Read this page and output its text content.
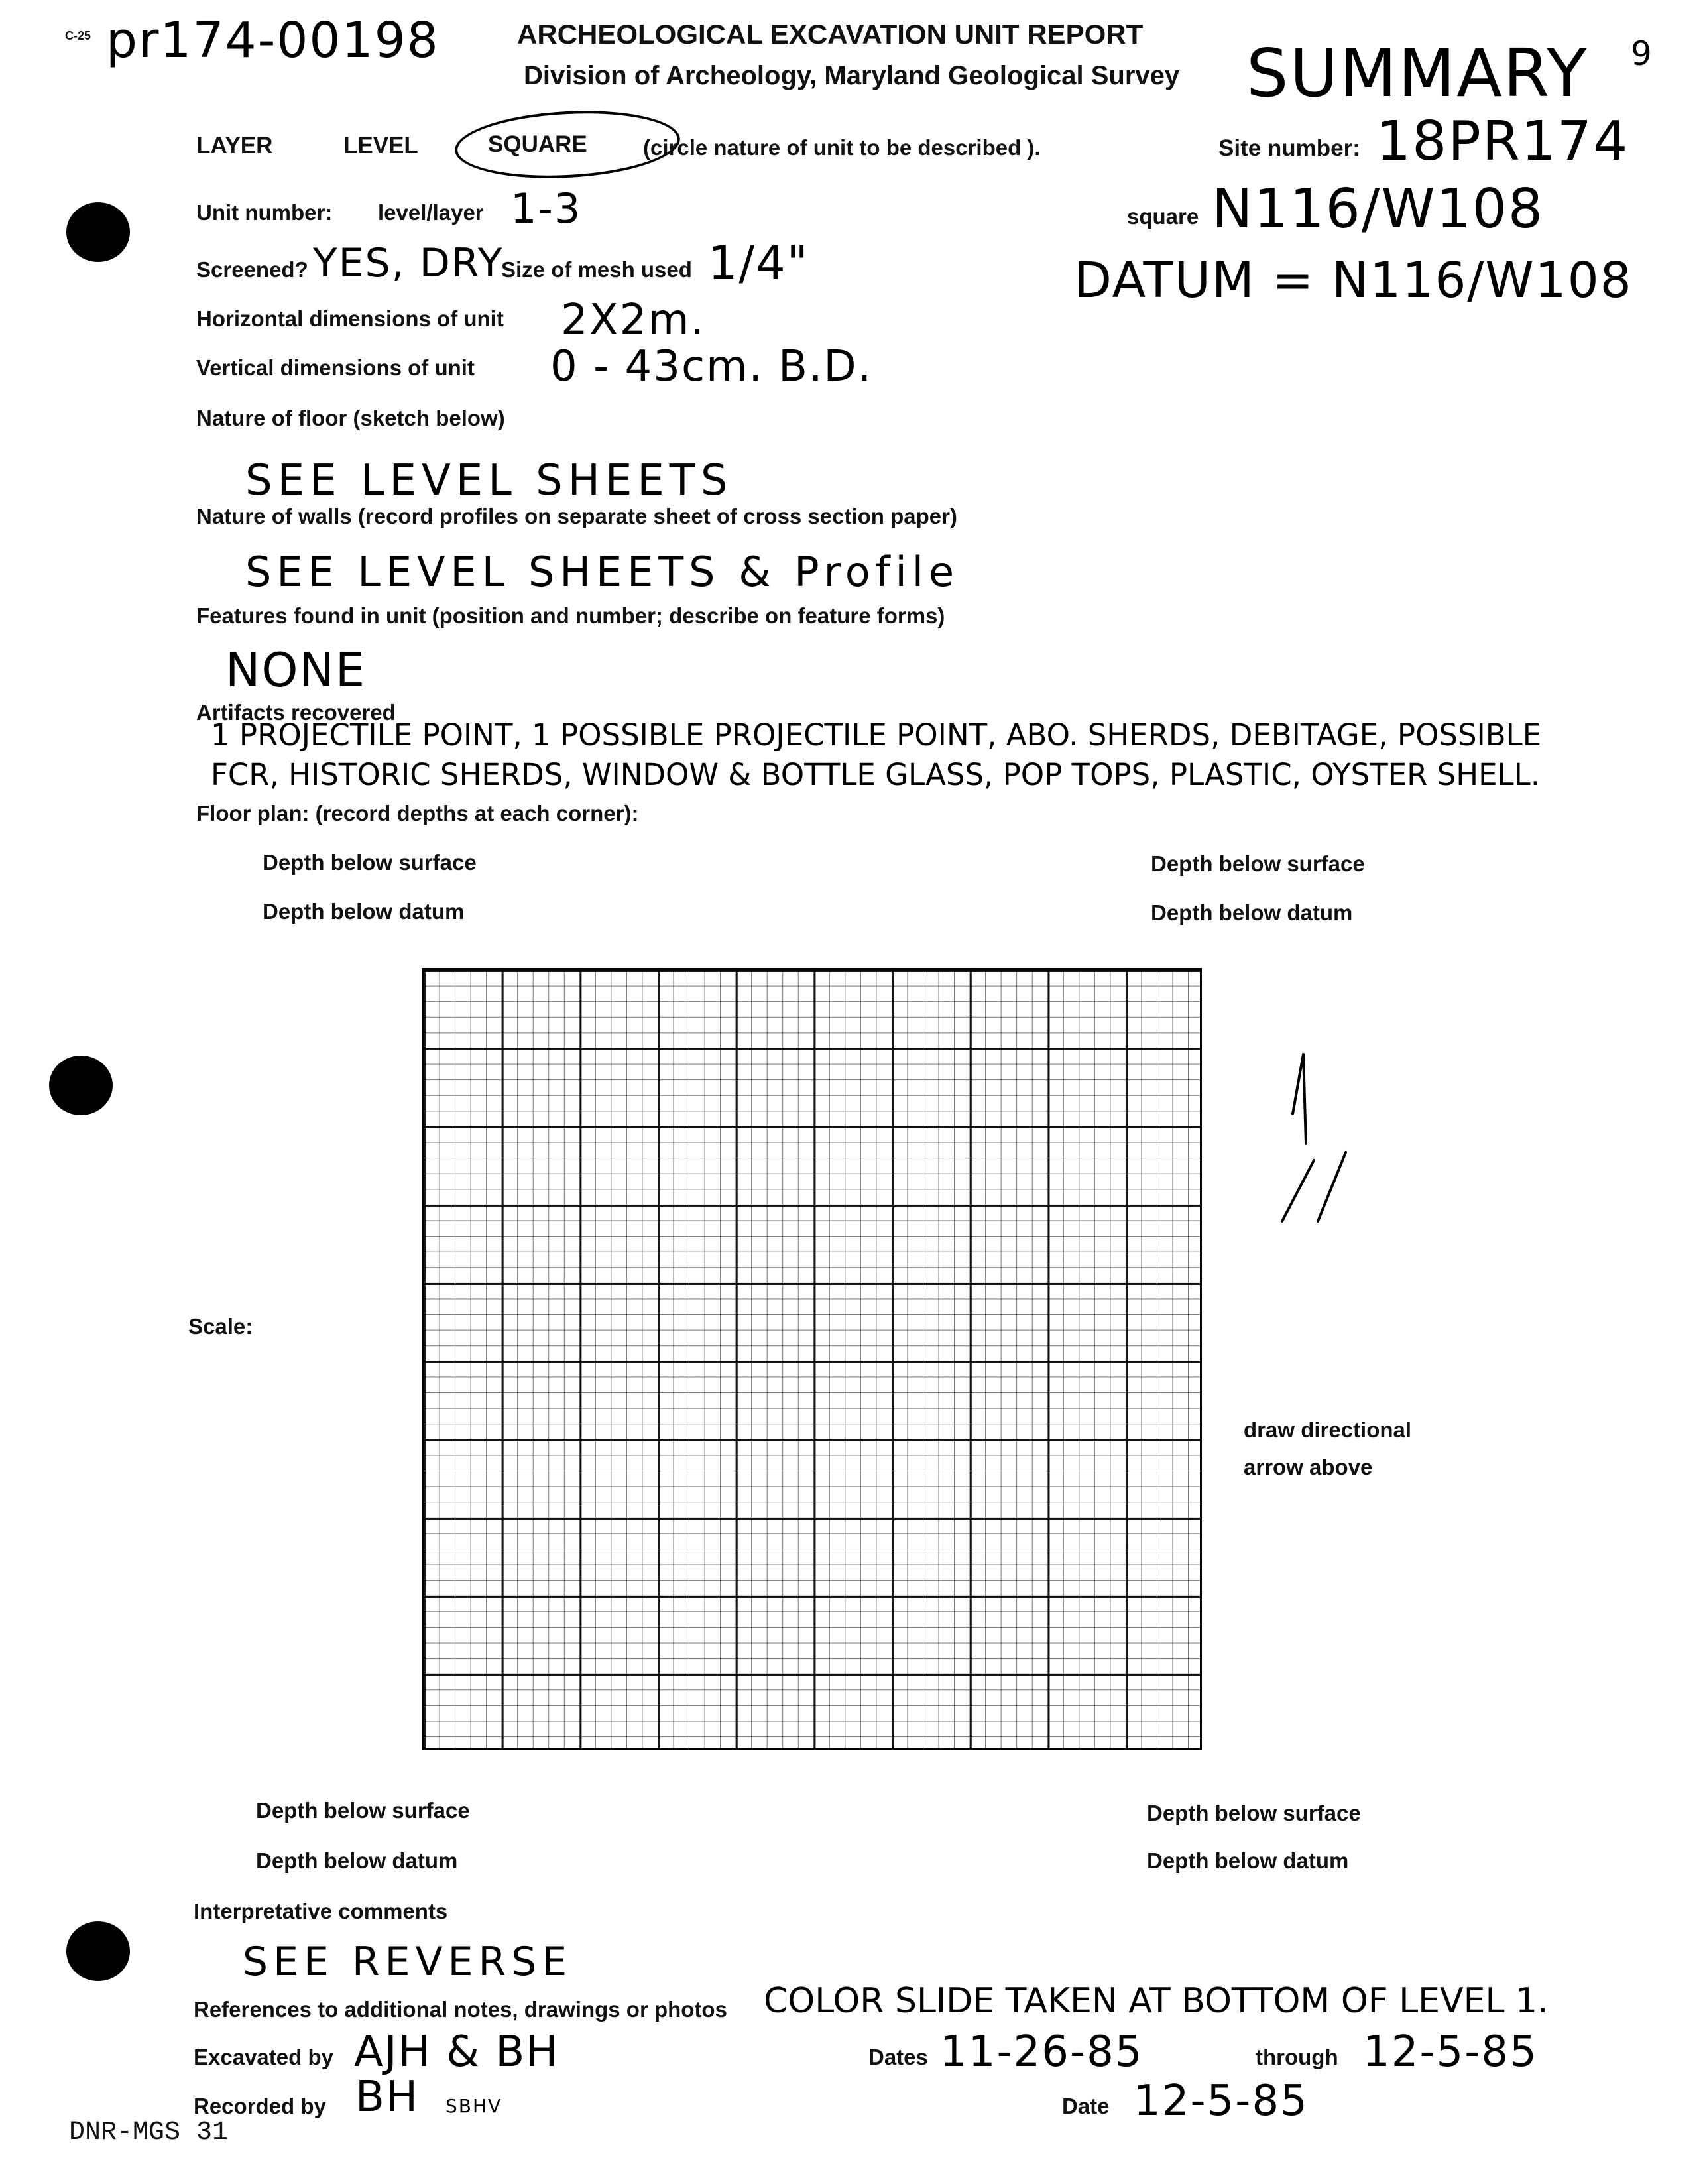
C-25 pr174-00198	ARCHEOLOGICAL EXCAVATION UNIT REPORT
Division of Archeology, Maryland Geological Survey SUMMARY 9
LAYER	LEVEL	SQUARE	(circle nature of unit to be described ).	Site number: 18PR174
square N116/W108
DATUM = N116/W108
Unit number: level/layer 1-3
Screened? YES, DRY
Size of mesh used 1/4"
Horizontal dimensions of unit 2X2m.
Vertical dimensions of unit 0 - 43cm. B.D.
Nature of floor (sketch below)
SEE LEVEL SHEETS
Nature of walls (record profiles on separate sheet of cross section paper)
SEE LEVEL SHEETS & Profile
Features found in unit (position and number; describe on feature forms)
NONE
Artifacts recovered
1 PROJECTILE POINT, 1 POSSIBLE PROJECTILE POINT, ABO. SHERDS, DEBITAGE, POSSIBLE
FCR, HISTORIC SHERDS, WINDOW & BOTTLE GLASS, POP TOPS, PLASTIC, OYSTER SHELL.
Floor plan: (record depths at each corner):
Depth below surface
Depth below datum
Depth below surface
Depth below datum
Scale:
draw directional
arrow above
Depth below surface
Depth below datum
Depth below surface
Depth below datum
Interpretative comments
SEE REVERSE
References to additional notes, drawings or photos COLOR SLIDE TAKEN AT BOTTOM OF LEVEL 1.
Excavated by AJH & BH	Dates 11-26-85	through 12-5-85
Recorded by BH SBHV	Date 12-5-85
DNR-MGS 31
